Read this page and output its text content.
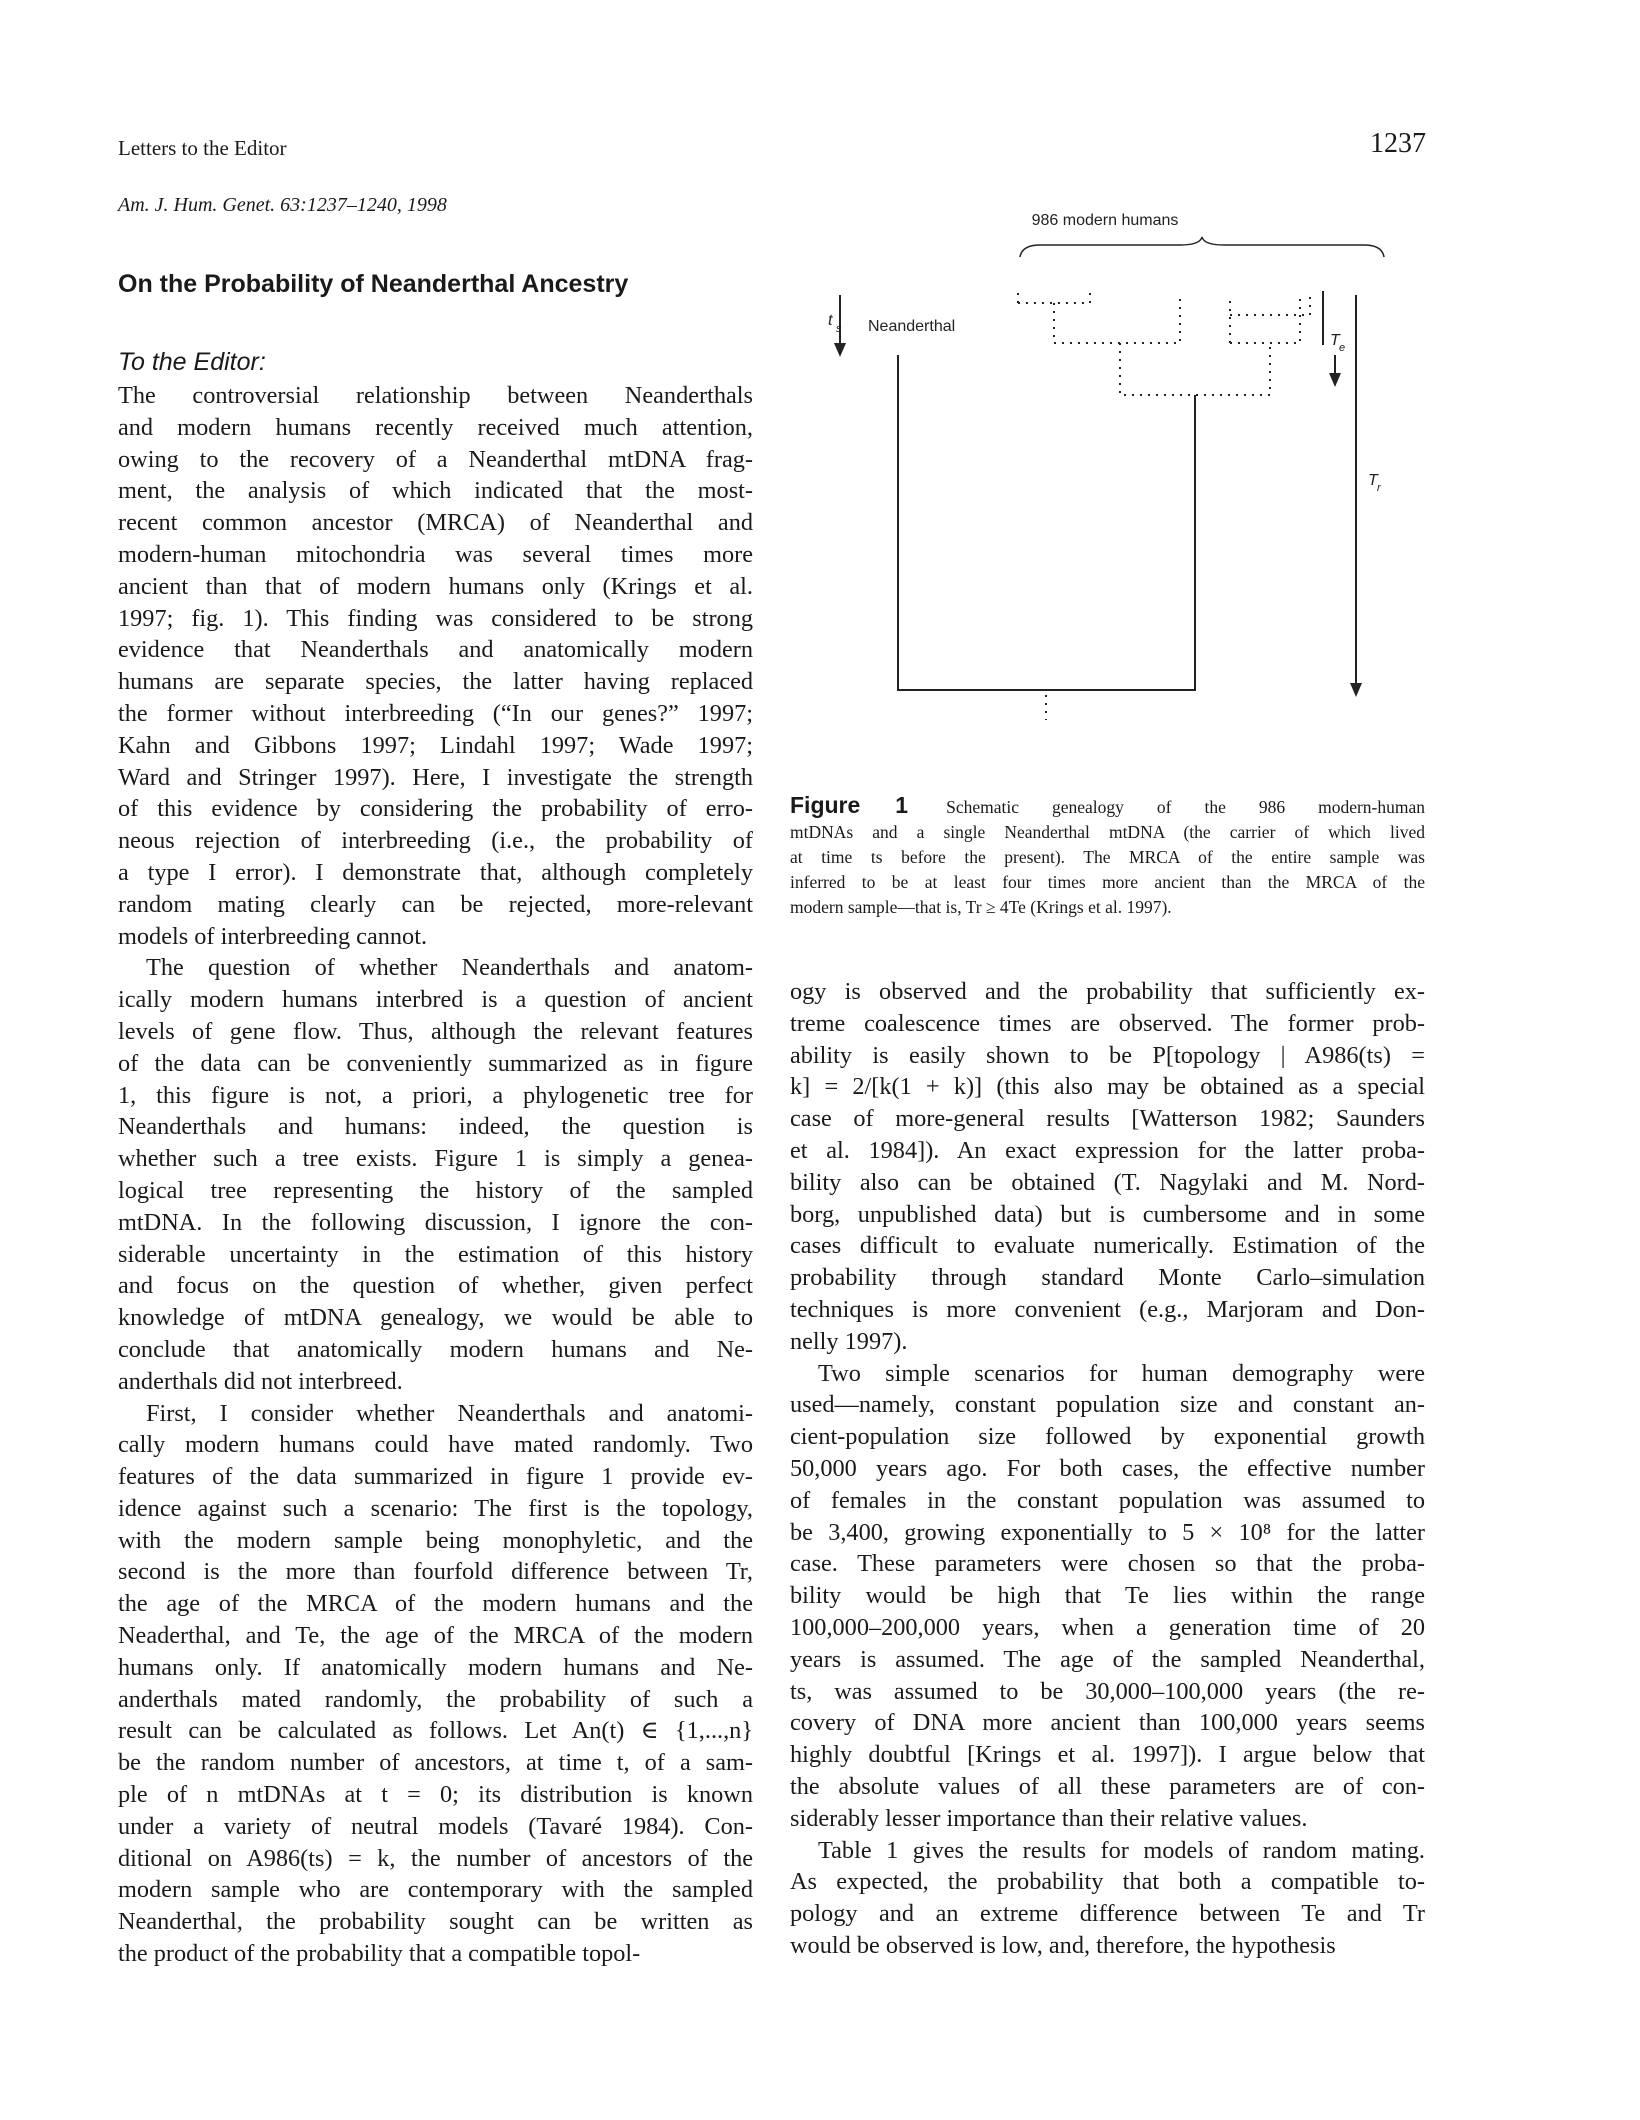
Letters to the Editor	1237
Am. J. Hum. Genet. 63:1237–1240, 1998
On the Probability of Neanderthal Ancestry
To the Editor:
The controversial relationship between Neanderthals
and modern humans recently received much attention,
owing to the recovery of a Neanderthal mtDNA frag-
ment, the analysis of which indicated that the most-
recent common ancestor (MRCA) of Neanderthal and
modern-human mitochondria was several times more
ancient than that of modern humans only (Krings et al.
1997; fig. 1). This finding was considered to be strong
evidence that Neanderthals and anatomically modern
humans are separate species, the latter having replaced
the former without interbreeding (“In our genes?” 1997;
Kahn and Gibbons 1997; Lindahl 1997; Wade 1997;
Ward and Stringer 1997). Here, I investigate the strength
of this evidence by considering the probability of erro-
neous rejection of interbreeding (i.e., the probability of
a type I error). I demonstrate that, although completely
random mating clearly can be rejected, more-relevant
models of interbreeding cannot.
The question of whether Neanderthals and anatom-
ically modern humans interbred is a question of ancient
levels of gene flow. Thus, although the relevant features
of the data can be conveniently summarized as in figure
1, this figure is not, a priori, a phylogenetic tree for
Neanderthals and humans: indeed, the question is
whether such a tree exists. Figure 1 is simply a genea-
logical tree representing the history of the sampled
mtDNA. In the following discussion, I ignore the con-
siderable uncertainty in the estimation of this history
and focus on the question of whether, given perfect
knowledge of mtDNA genealogy, we would be able to
conclude that anatomically modern humans and Ne-
anderthals did not interbreed.
First, I consider whether Neanderthals and anatomi-
cally modern humans could have mated randomly. Two
features of the data summarized in figure 1 provide ev-
idence against such a scenario: The first is the topology,
with the modern sample being monophyletic, and the
second is the more than fourfold difference between Tr,
the age of the MRCA of the modern humans and the
Neaderthal, and Te, the age of the MRCA of the modern
humans only. If anatomically modern humans and Ne-
anderthals mated randomly, the probability of such a
result can be calculated as follows. Let An(t) ∈ {1,...,n}
be the random number of ancestors, at time t, of a sam-
ple of n mtDNAs at t = 0; its distribution is known
under a variety of neutral models (Tavaré 1984). Con-
ditional on A986(ts) = k, the number of ancestors of the
modern sample who are contemporary with the sampled
Neanderthal, the probability sought can be written as
the product of the probability that a compatible topol-
ogy is observed and the probability that sufficiently ex-
treme coalescence times are observed. The former prob-
ability is easily shown to be P[topology | A986(ts) =
k] = 2/[k(1 + k)] (this also may be obtained as a special
case of more-general results [Watterson 1982; Saunders
et al. 1984]). An exact expression for the latter proba-
bility also can be obtained (T. Nagylaki and M. Nord-
borg, unpublished data) but is cumbersome and in some
cases difficult to evaluate numerically. Estimation of the
probability through standard Monte Carlo–simulation
techniques is more convenient (e.g., Marjoram and Don-
nelly 1997).
Two simple scenarios for human demography were
used—namely, constant population size and constant an-
cient-population size followed by exponential growth
50,000 years ago. For both cases, the effective number
of females in the constant population was assumed to
be 3,400, growing exponentially to 5 × 10⁸ for the latter
case. These parameters were chosen so that the proba-
bility would be high that Te lies within the range
100,000–200,000 years, when a generation time of 20
years is assumed. The age of the sampled Neanderthal,
ts, was assumed to be 30,000–100,000 years (the re-
covery of DNA more ancient than 100,000 years seems
highly doubtful [Krings et al. 1997]). I argue below that
the absolute values of all these parameters are of con-
siderably lesser importance than their relative values.
Table 1 gives the results for models of random mating.
As expected, the probability that both a compatible to-
pology and an extreme difference between Te and Tr
would be observed is low, and, therefore, the hypothesis
986 modern humans
t s Neanderthal
T e
T r
Figure 1 Schematic genealogy of the 986 modern-human
mtDNAs and a single Neanderthal mtDNA (the carrier of which lived
at time ts before the present). The MRCA of the entire sample was
inferred to be at least four times more ancient than the MRCA of the
modern sample—that is, Tr ≥ 4Te (Krings et al. 1997).
